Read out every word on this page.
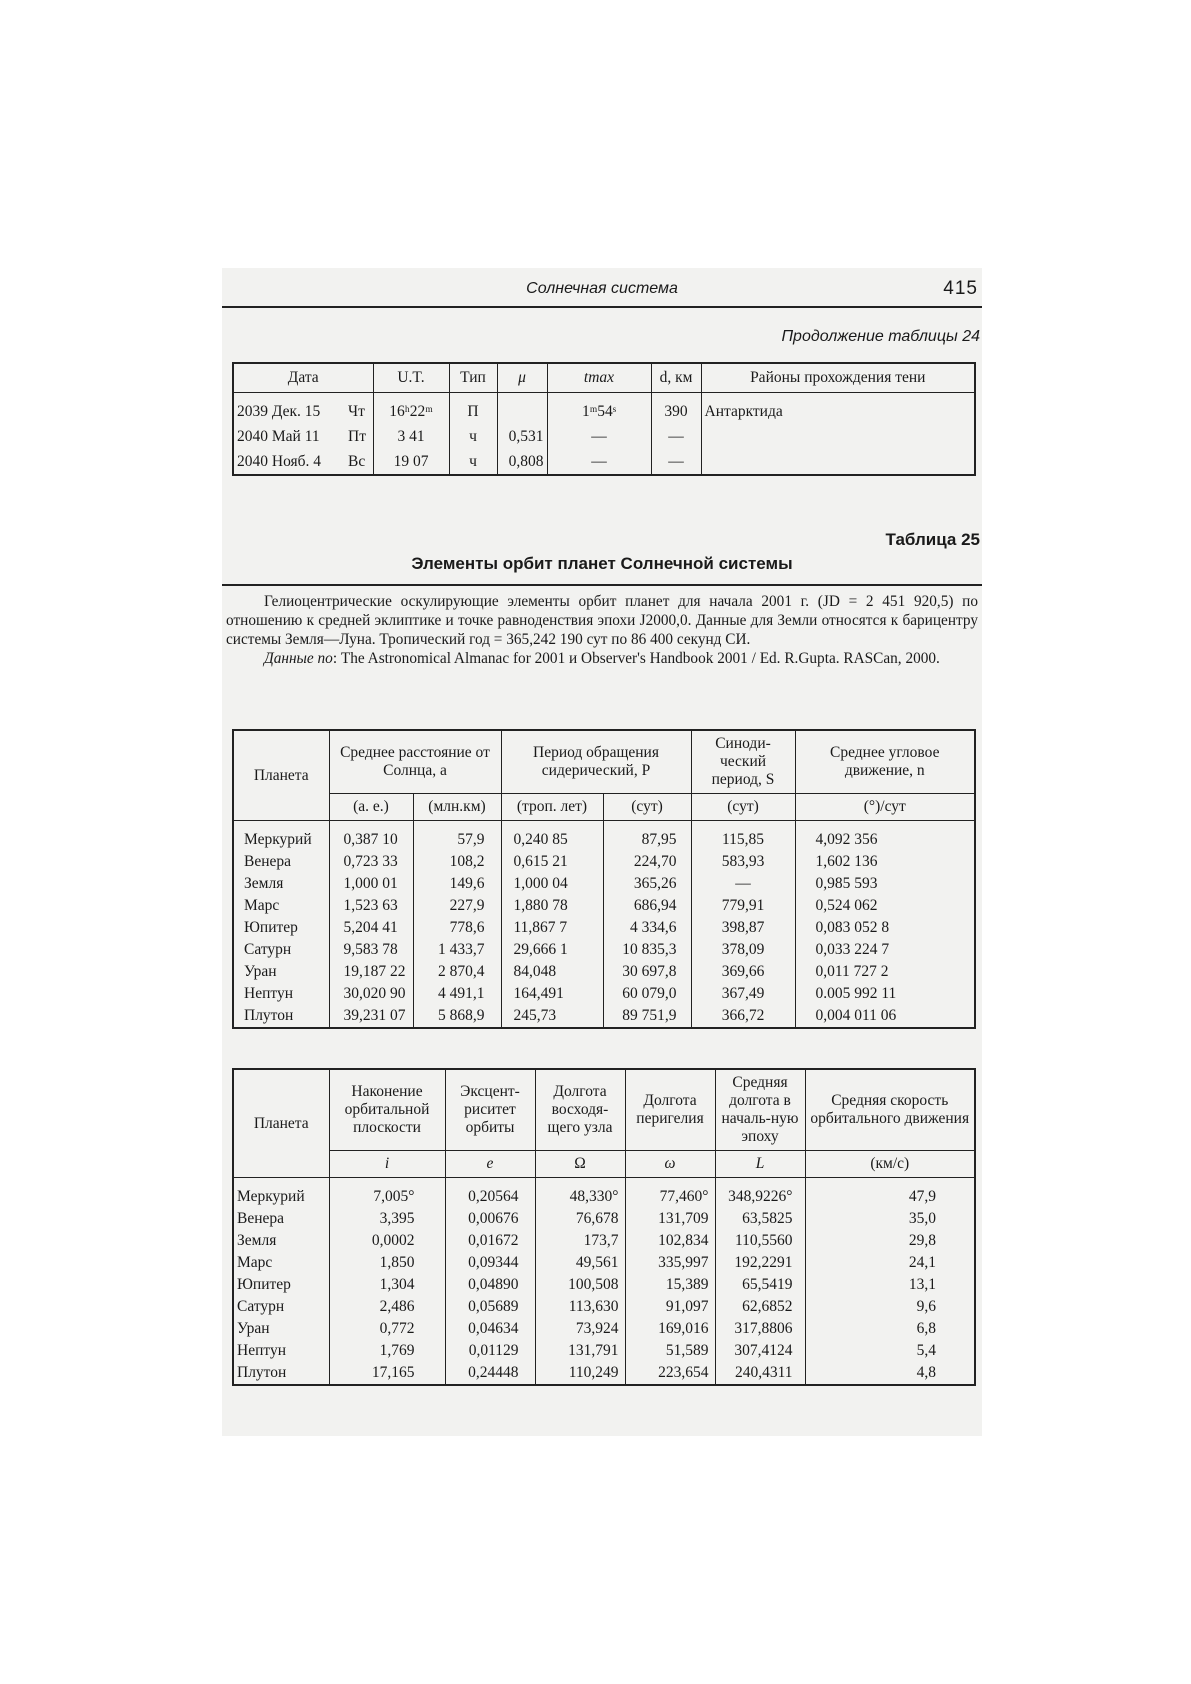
Солнечная система	415
Продолжение таблицы 24
Дата		U.T.	Тип	μ	tmax	d, км	Районы прохождения тени
2039 Дек. 15	Чт	16ʰ22ᵐ	П		1ᵐ54ˢ	390	Антарктида
2040 Май 11	Пт	3 41	ч	0,531	—	—	
2040 Нояб. 4	Вс	19 07	ч	0,808	—	—	
Таблица 25
Элементы орбит планет Солнечной системы

Гелиоцентрические оскулирующие элементы орбит планет для начала 2001 г. (JD = 2 451 920,5) по отношению к средней эклиптике и точке равноденствия эпохи J2000,0. Данные для Земли относятся к барицентру системы Земля—Луна. Тропический год = 365,242 190 сут по 86 400 секунд СИ.

Данные по: The Astronomical Almanac for 2001 и Observer's Handbook 2001 / Ed. R.Gupta. RASCan, 2000.

Планета	Среднее расстояние от Солнца, a		Период обращения сидерический, P		Синоди-ческий период, S	Среднее угловое движение, n
	(а. е.)	(млн.км)	(троп. лет)	(сут)	(сут)	(°)/сут
Меркурий	0,387 10	57,9	0,240 85	87,95	115,85	4,092 356
Венера	0,723 33	108,2	0,615 21	224,70	583,93	1,602 136
Земля	1,000 01	149,6	1,000 04	365,26	—	0,985 593
Марс	1,523 63	227,9	1,880 78	686,94	779,91	0,524 062
Юпитер	5,204 41	778,6	11,867 7	4 334,6	398,87	0,083 052 8
Сатурн	9,583 78	1 433,7	29,666 1	10 835,3	378,09	0,033 224 7
Уран	19,187 22	2 870,4	84,048	30 697,8	369,66	0,011 727 2
Нептун	30,020 90	4 491,1	164,491	60 079,0	367,49	0.005 992 11
Плутон	39,231 07	5 868,9	245,73	89 751,9	366,72	0,004 011 06
Планета	Наконение орбитальной плоскости	Эксцент-риситет орбиты	Долгота восходя-щего узла	Долгота перигелия	Средняя долгота в началь-ную эпоху	Средняя скорость орбитального движения
	i	e	Ω	ω	L	(км/с)
Меркурий	7,005°	0,20564	48,330°	77,460°	348,9226°	47,9
Венера	3,395	0,00676	76,678	131,709	63,5825	35,0
Земля	0,0002	0,01672	173,7	102,834	110,5560	29,8
Марс	1,850	0,09344	49,561	335,997	192,2291	24,1
Юпитер	1,304	0,04890	100,508	15,389	65,5419	13,1
Сатурн	2,486	0,05689	113,630	91,097	62,6852	9,6
Уран	0,772	0,04634	73,924	169,016	317,8806	6,8
Нептун	1,769	0,01129	131,791	51,589	307,4124	5,4
Плутон	17,165	0,24448	110,249	223,654	240,4311	4,8
